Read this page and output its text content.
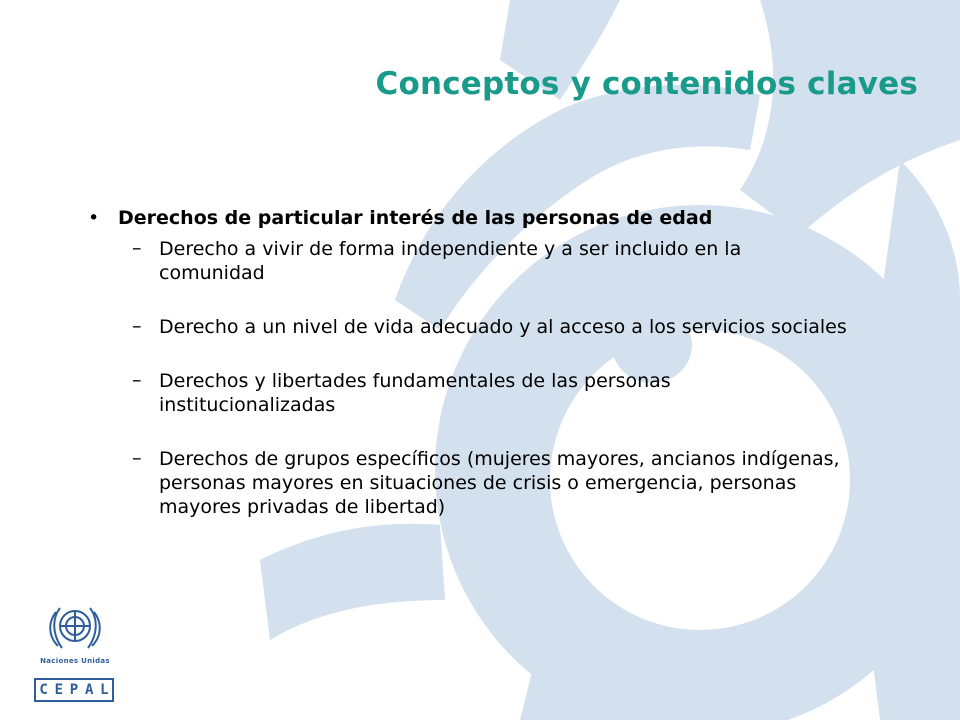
Conceptos y contenidos claves
• Derechos de particular interés de las personas de edad
– Derecho a vivir de forma independiente y a ser incluido en la comunidad
– Derecho a un nivel de vida adecuado y al acceso a los servicios sociales
– Derechos y libertades fundamentales de las personas institucionalizadas
– Derechos de grupos específicos (mujeres mayores, ancianos indígenas, personas mayores en situaciones de crisis o emergencia, personas mayores privadas de libertad)
Naciones Unidas
C E P A L
